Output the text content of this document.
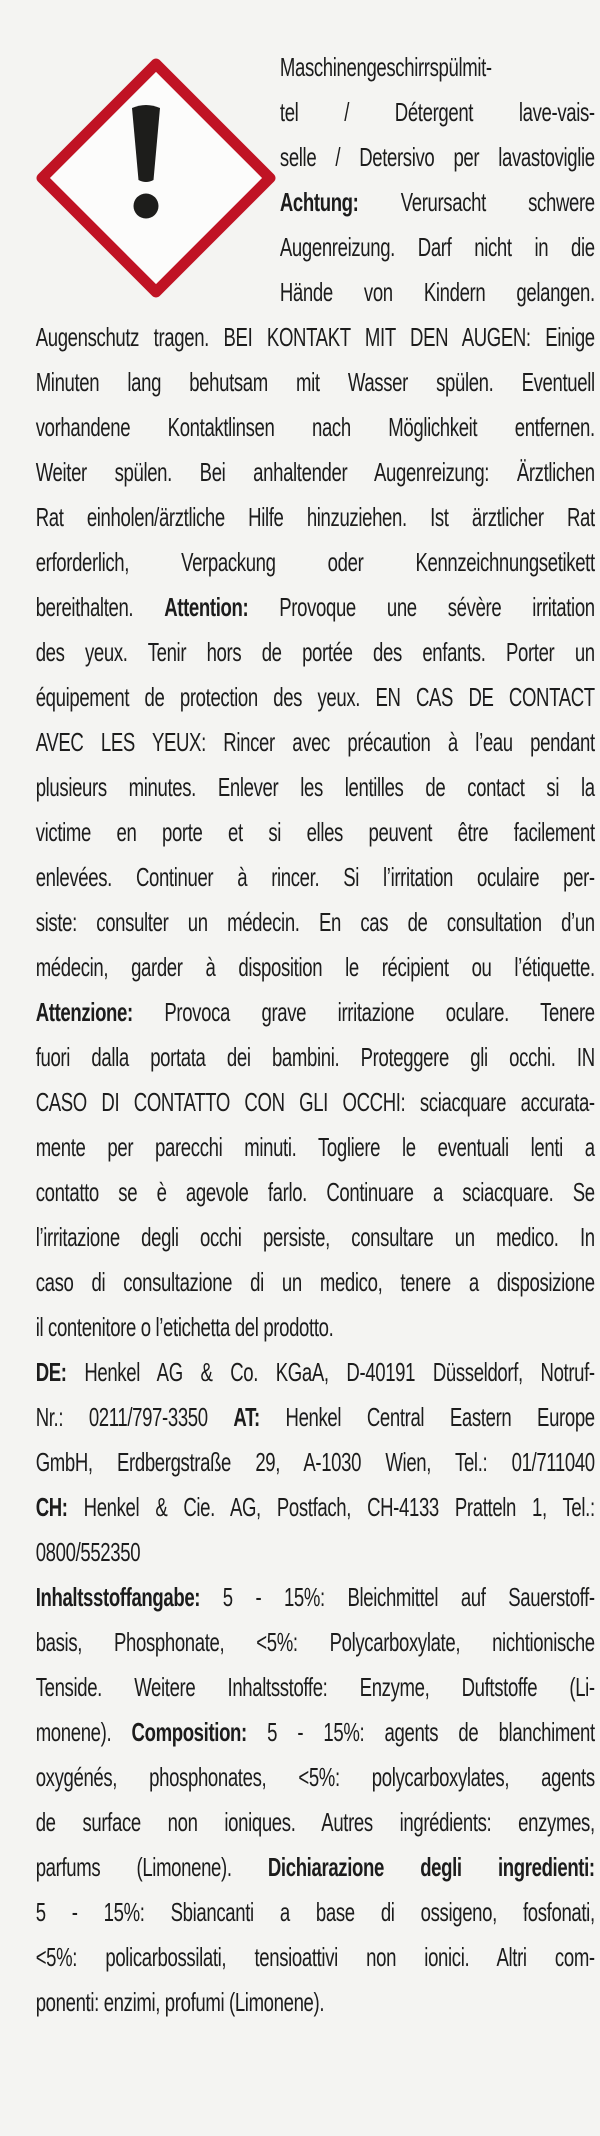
Maschinengeschirrspülmit-
tel / Détergent lave-vais-
selle / Detersivo per lavastoviglie
Achtung: Verursacht schwere
Augenreizung. Darf nicht in die
Hände von Kindern gelangen.
Augenschutz tragen. BEI KONTAKT MIT DEN AUGEN: Einige
Minuten lang behutsam mit Wasser spülen. Eventuell
vorhandene Kontaktlinsen nach Möglichkeit entfernen.
Weiter spülen. Bei anhaltender Augenreizung: Ärztlichen
Rat einholen/ärztliche Hilfe hinzuziehen. Ist ärztlicher Rat
erforderlich, Verpackung oder Kennzeichnungsetikett
bereithalten. Attention: Provoque une sévère irritation
des yeux. Tenir hors de portée des enfants. Porter un
équipement de protection des yeux. EN CAS DE CONTACT
AVEC LES YEUX: Rincer avec précaution à l’eau pendant
plusieurs minutes. Enlever les lentilles de contact si la
victime en porte et si elles peuvent être facilement
enlevées. Continuer à rincer. Si l’irritation oculaire per-
siste: consulter un médecin. En cas de consultation d’un
médecin, garder à disposition le récipient ou l’étiquette.
Attenzione: Provoca grave irritazione oculare. Tenere
fuori dalla portata dei bambini. Proteggere gli occhi. IN
CASO DI CONTATTO CON GLI OCCHI: sciacquare accurata-
mente per parecchi minuti. Togliere le eventuali lenti a
contatto se è agevole farlo. Continuare a sciacquare. Se
l’irritazione degli occhi persiste, consultare un medico. In
caso di consultazione di un medico, tenere a disposizione
il contenitore o l’etichetta del prodotto.
DE: Henkel AG & Co. KGaA, D-40191 Düsseldorf, Notruf-
Nr.: 0211/797-3350 AT: Henkel Central Eastern Europe
GmbH, Erdbergstraße 29, A-1030 Wien, Tel.: 01/711040
CH: Henkel & Cie. AG, Postfach, CH-4133 Pratteln 1, Tel.:
0800/552350
Inhaltsstoffangabe: 5 - 15%: Bleichmittel auf Sauerstoff-
basis, Phosphonate, <5%: Polycarboxylate, nichtionische
Tenside. Weitere Inhaltsstoffe: Enzyme, Duftstoffe (Li-
monene). Composition: 5 - 15%: agents de blanchiment
oxygénés, phosphonates, <5%: polycarboxylates, agents
de surface non ioniques. Autres ingrédients: enzymes,
parfums (Limonene). Dichiarazione degli ingredienti:
5 - 15%: Sbiancanti a base di ossigeno, fosfonati,
<5%: policarbossilati, tensioattivi non ionici. Altri com-
ponenti: enzimi, profumi (Limonene).
